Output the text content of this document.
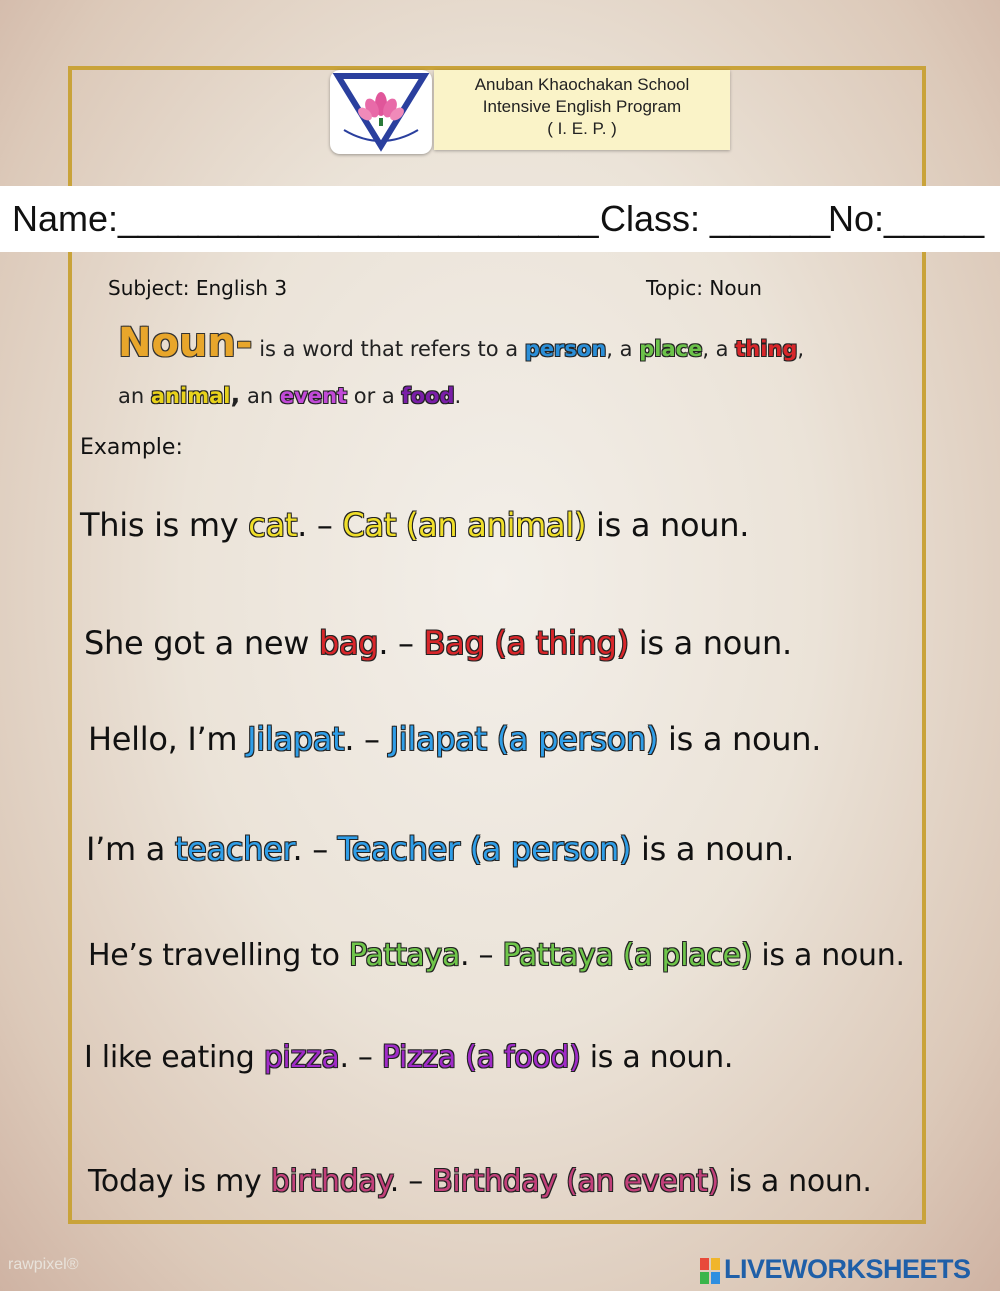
Anuban Khaochakan School
Intensive English Program
( I. E. P. )
Name:________________________ Class: ______
No:_____
Subject: English 3	Topic: Noun
Noun- is a word that refers to a person, a place, a thing,
an animal, an event or a food.
Example:
This is my cat. – Cat (an animal) is a noun.
She got a new bag. – Bag (a thing) is a noun.
Hello, I’m Jilapat. – Jilapat (a person) is a noun.
I’m a teacher. – Teacher (a person) is a noun.
He’s travelling to Pattaya. – Pattaya (a place) is a noun.
I like eating pizza. – Pizza (a food) is a noun.
Today is my birthday. – Birthday (an event) is a noun.
rawpixel®	LIVEWORKSHEETS
